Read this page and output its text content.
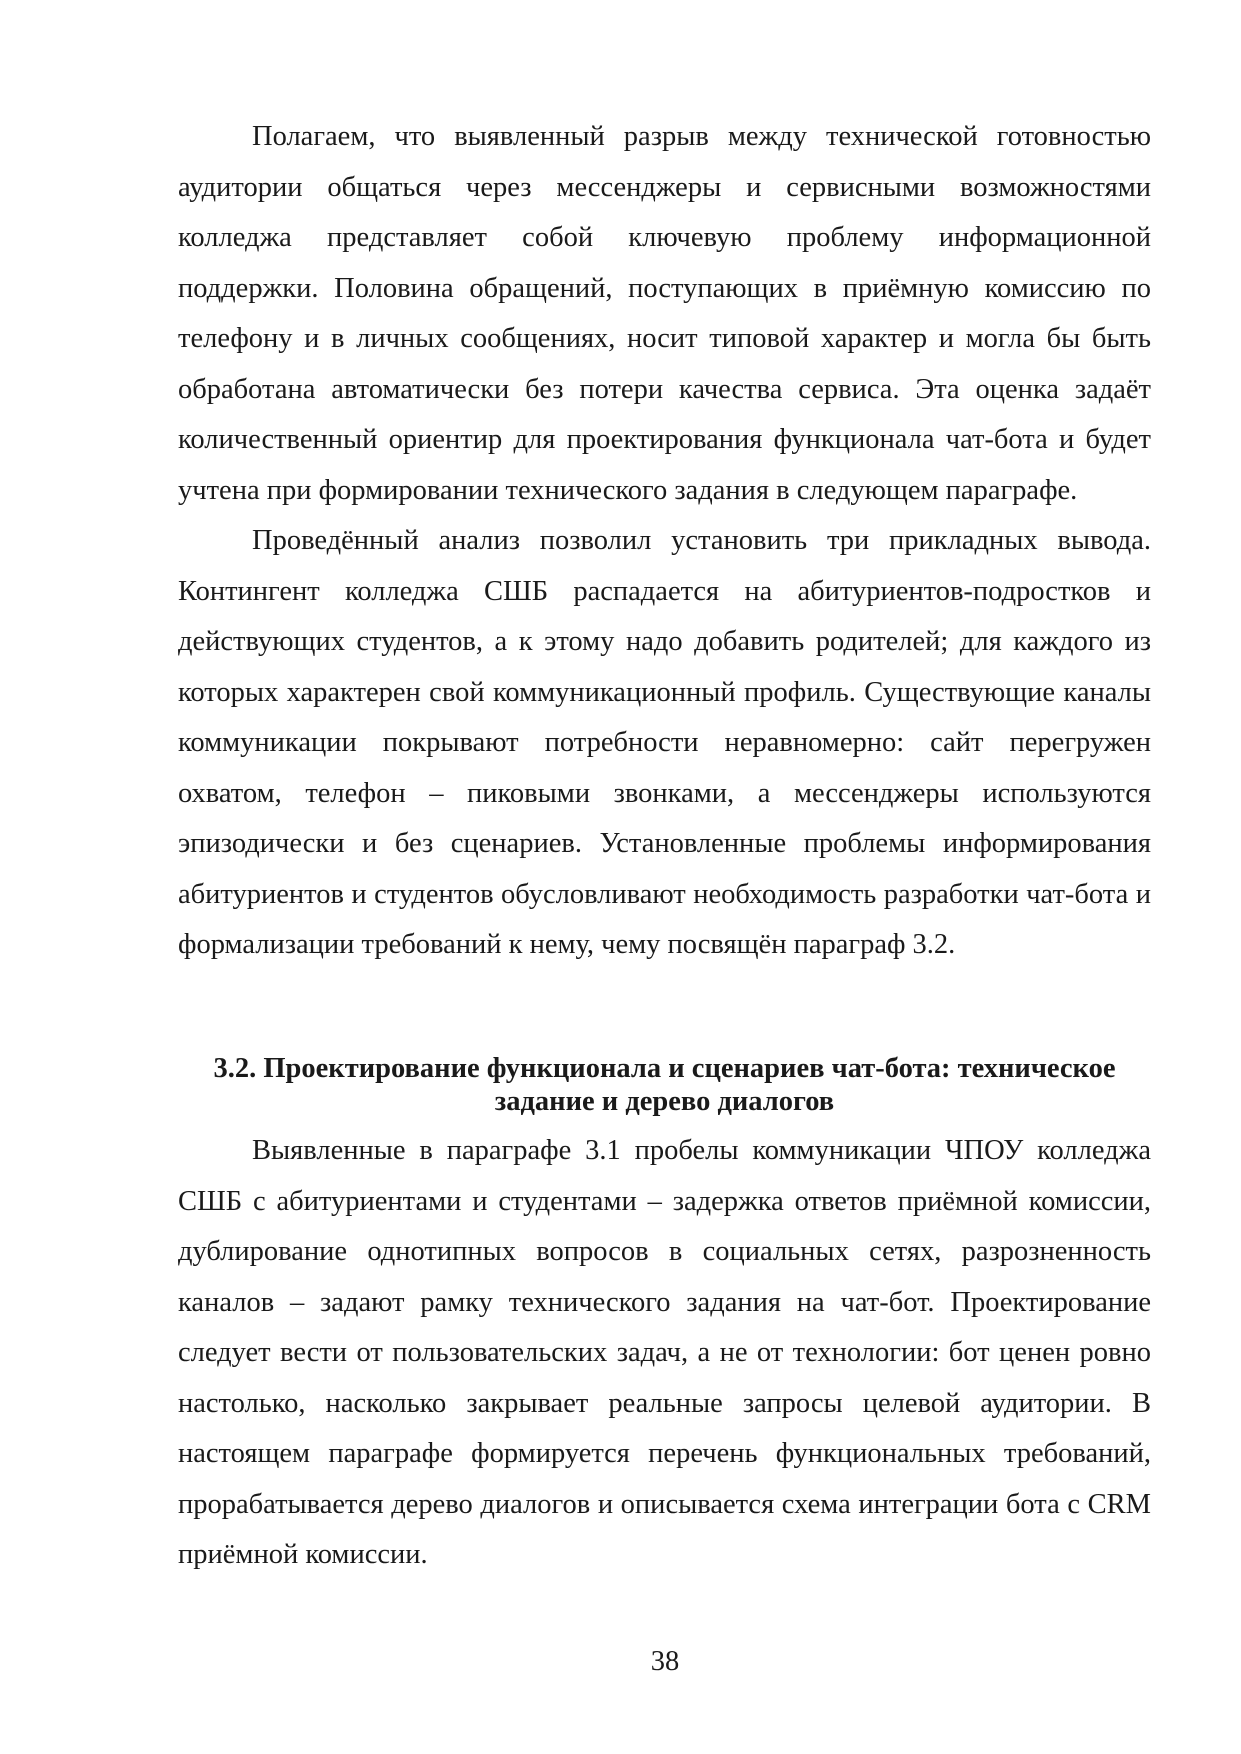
Полагаем, что выявленный разрыв между технической готовностью аудитории общаться через мессенджеры и сервисными возможностями колледжа представляет собой ключевую проблему информационной поддержки. Половина обращений, поступающих в приёмную комиссию по телефону и в личных сообщениях, носит типовой характер и могла бы быть обработана автоматически без потери качества сервиса. Эта оценка задаёт количественный ориентир для проектирования функционала чат-бота и будет учтена при формировании технического задания в следующем параграфе.

Проведённый анализ позволил установить три прикладных вывода. Контингент колледжа СШБ распадается на абитуриентов-подростков и действующих студентов, а к этому надо добавить родителей; для каждого из которых характерен свой коммуникационный профиль. Существующие каналы коммуникации покрывают потребности неравномерно: сайт перегружен охватом, телефон – пиковыми звонками, а мессенджеры используются эпизодически и без сценариев. Установленные проблемы информирования абитуриентов и студентов обусловливают необходимость разработки чат-бота и формализации требований к нему, чему посвящён параграф 3.2.

3.2. Проектирование функционала и сценариев чат-бота: техническое
задание и дерево диалогов

Выявленные в параграфе 3.1 пробелы коммуникации ЧПОУ колледжа СШБ с абитуриентами и студентами – задержка ответов приёмной комиссии, дублирование однотипных вопросов в социальных сетях, разрозненность каналов – задают рамку технического задания на чат-бот. Проектирование следует вести от пользовательских задач, а не от технологии: бот ценен ровно настолько, насколько закрывает реальные запросы целевой аудитории. В настоящем параграфе формируется перечень функциональных требований, прорабатывается дерево диалогов и описывается схема интеграции бота с CRM приёмной комиссии.

38
